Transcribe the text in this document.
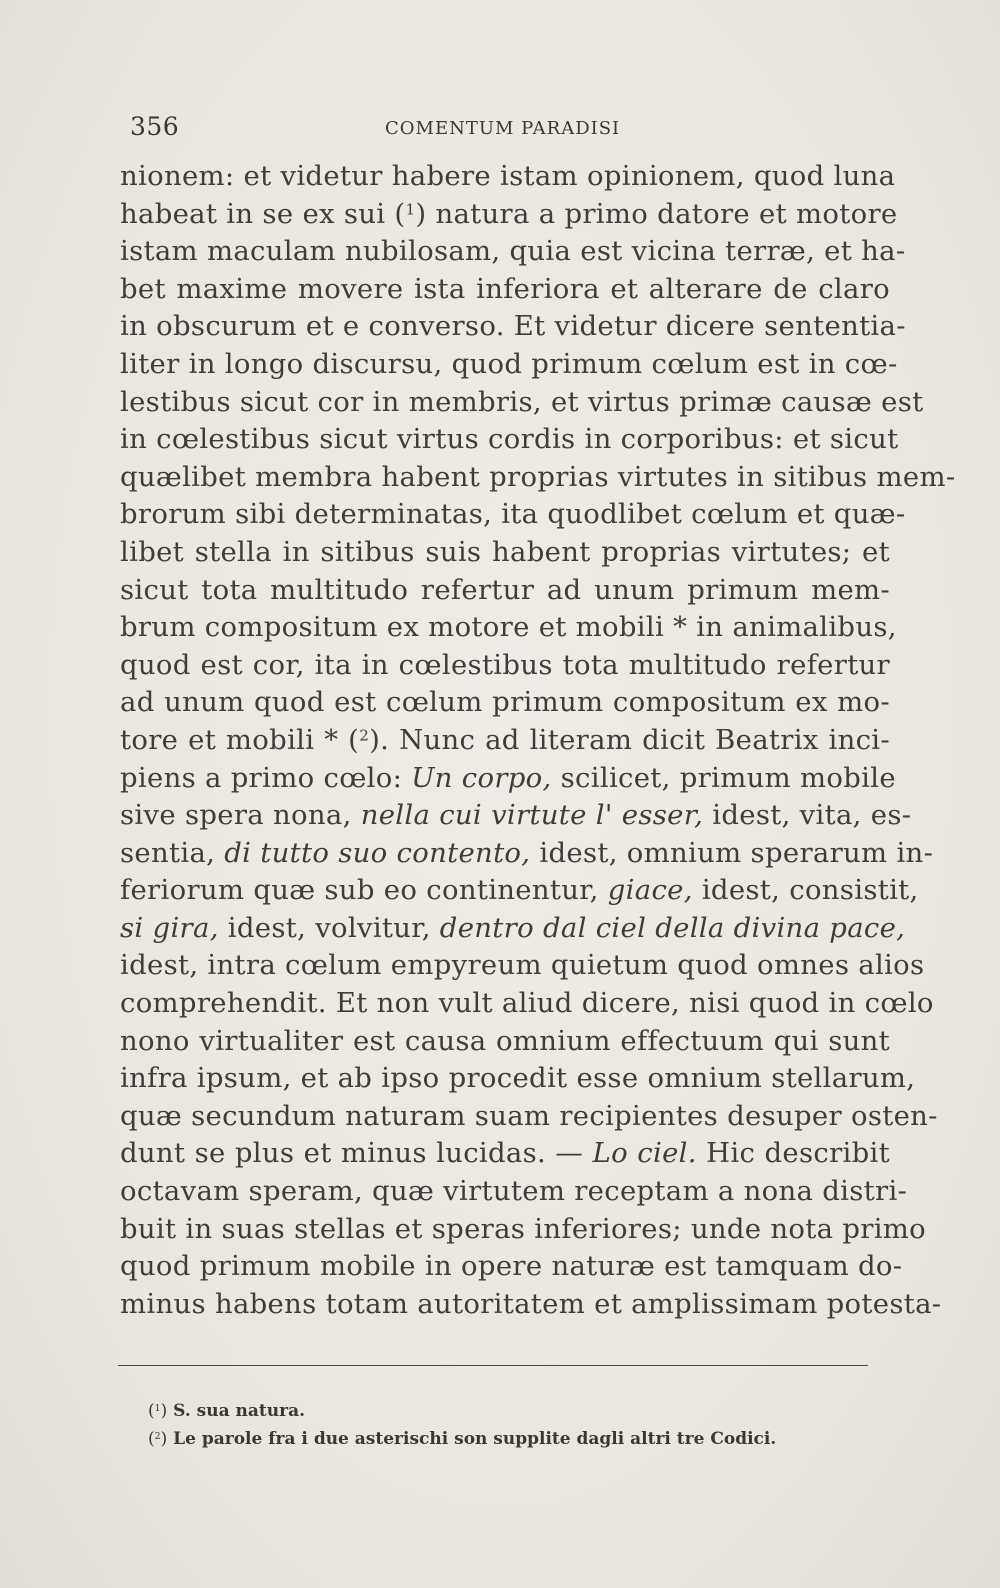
356	COMENTUM PARADISI
nionem: et videtur habere istam opinionem, quod luna
habeat in se ex sui ($^1$) natura a primo datore et motore
istam maculam nubilosam, quia est vicina terræ, et ha-
bet maxime movere ista inferiora et alterare de claro
in obscurum et e converso. Et videtur dicere sententia-
liter in longo discursu, quod primum cœlum est in cœ-
lestibus sicut cor in membris, et virtus primæ causæ est
in cœlestibus sicut virtus cordis in corporibus: et sicut
quælibet membra habent proprias virtutes in sitibus mem-
brorum sibi determinatas, ita quodlibet cœlum et quæ-
libet stella in sitibus suis habent proprias virtutes; et
sicut tota multitudo refertur ad unum primum mem-
brum compositum ex motore et mobili * in animalibus,
quod est cor, ita in cœlestibus tota multitudo refertur
ad unum quod est cœlum primum compositum ex mo-
tore et mobili * ($^2$). Nunc ad literam dicit Beatrix inci-
piens a primo cœlo: Un corpo, scilicet, primum mobile
sive spera nona, nella cui virtute l' esser, idest, vita, es-
sentia, di tutto suo contento, idest, omnium sperarum in-
feriorum quæ sub eo continentur, giace, idest, consistit,
si gira, idest, volvitur, dentro dal ciel della divina pace,
idest, intra cœlum empyreum quietum quod omnes alios
comprehendit. Et non vult aliud dicere, nisi quod in cœlo
nono virtualiter est causa omnium effectuum qui sunt
infra ipsum, et ab ipso procedit esse omnium stellarum,
quæ secundum naturam suam recipientes desuper osten-
dunt se plus et minus lucidas. — Lo ciel. Hic describit
octavam speram, quæ virtutem receptam a nona distri-
buit in suas stellas et speras inferiores; unde nota primo
quod primum mobile in opere naturæ est tamquam do-
minus habens totam autoritatem et amplissimam potesta-
($^1$) S. sua natura.
($^2$) Le parole fra i due asterischi son supplite dagli altri tre Codici.
